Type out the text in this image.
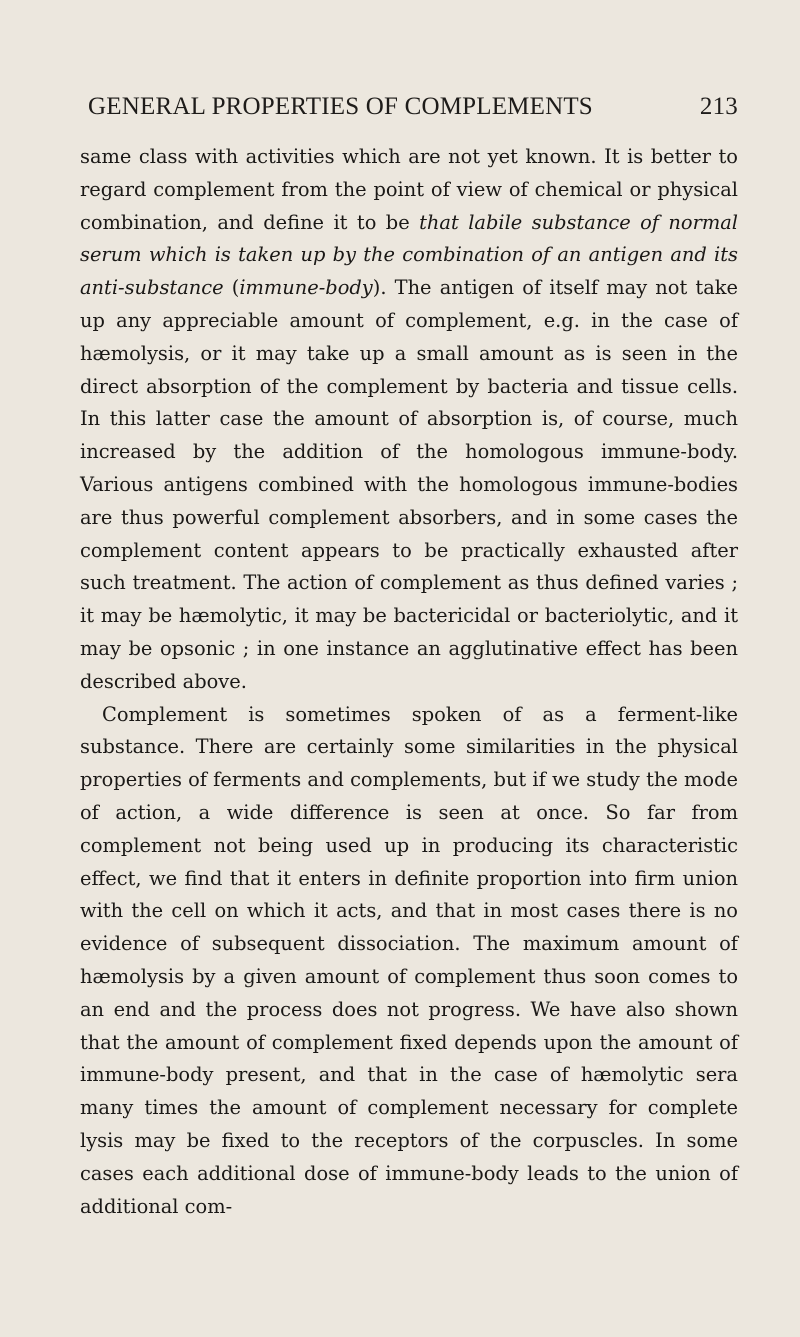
GENERAL PROPERTIES OF COMPLEMENTS	213

same class with activities which are not yet known. It is better to regard complement from the point of view of chemical or physical combination, and define it to be that labile substance of normal serum which is taken up by the combination of an antigen and its anti-substance (immune-body). The antigen of itself may not take up any appreciable amount of complement, e.g. in the case of hæmolysis, or it may take up a small amount as is seen in the direct absorption of the complement by bacteria and tissue cells. In this latter case the amount of absorption is, of course, much increased by the addition of the homologous immune-body. Various antigens combined with the homologous immune-bodies are thus powerful complement absorbers, and in some cases the complement content appears to be practically exhausted after such treatment. The action of complement as thus defined varies ; it may be hæmolytic, it may be bactericidal or bacteriolytic, and it may be opsonic ; in one instance an agglutinative effect has been described above.

Complement is sometimes spoken of as a ferment-like substance. There are certainly some similarities in the physical properties of ferments and complements, but if we study the mode of action, a wide difference is seen at once. So far from complement not being used up in producing its characteristic effect, we find that it enters in definite proportion into firm union with the cell on which it acts, and that in most cases there is no evidence of subsequent dissociation. The maximum amount of hæmolysis by a given amount of complement thus soon comes to an end and the process does not progress. We have also shown that the amount of complement fixed depends upon the amount of immune-body present, and that in the case of hæmolytic sera many times the amount of complement necessary for complete lysis may be fixed to the receptors of the corpuscles. In some cases each additional dose of immune-body leads to the union of additional com-
